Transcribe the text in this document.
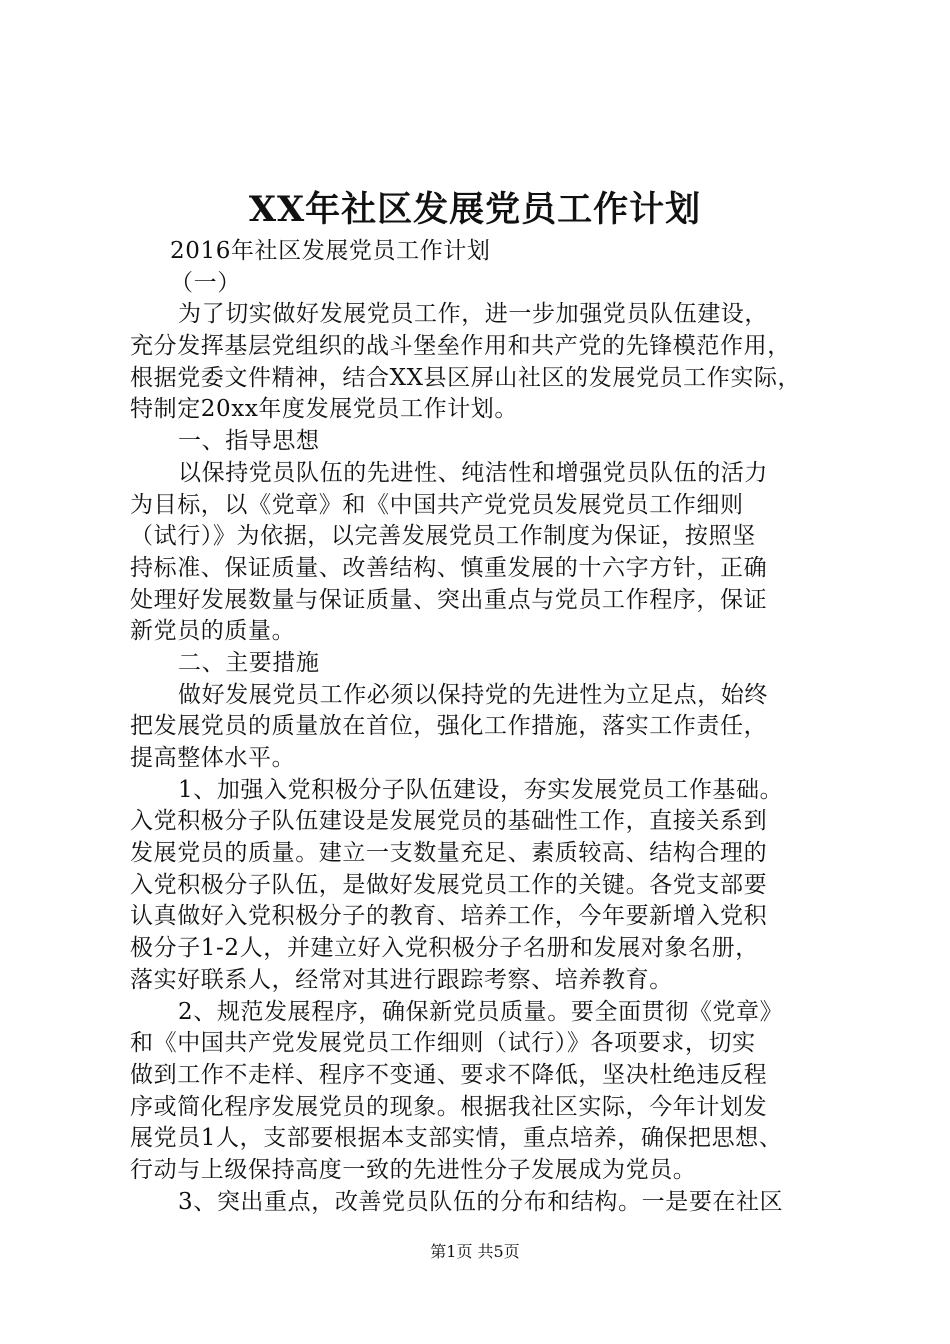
XX年社区发展党员工作计划
2016年社区发展党员工作计划
（一）
为了切实做好发展党员工作，进一步加强党员队伍建设，
充分发挥基层党组织的战斗堡垒作用和共产党的先锋模范作用，
根据党委文件精神，结合XX县区屏山社区的发展党员工作实际，
特制定20xx年度发展党员工作计划。
一、指导思想
以保持党员队伍的先进性、纯洁性和增强党员队伍的活力
为目标，以《党章》和《中国共产党党员发展党员工作细则
（试行）》为依据，以完善发展党员工作制度为保证，按照坚
持标准、保证质量、改善结构、慎重发展的十六字方针，正确
处理好发展数量与保证质量、突出重点与党员工作程序，保证
新党员的质量。
二、主要措施
做好发展党员工作必须以保持党的先进性为立足点，始终
把发展党员的质量放在首位，强化工作措施，落实工作责任，
提高整体水平。
1、加强入党积极分子队伍建设，夯实发展党员工作基础。
入党积极分子队伍建设是发展党员的基础性工作，直接关系到
发展党员的质量。建立一支数量充足、素质较高、结构合理的
入党积极分子队伍，是做好发展党员工作的关键。各党支部要
认真做好入党积极分子的教育、培养工作，今年要新增入党积
极分子1-2人，并建立好入党积极分子名册和发展对象名册，
落实好联系人，经常对其进行跟踪考察、培养教育。
2、规范发展程序，确保新党员质量。要全面贯彻《党章》
和《中国共产党发展党员工作细则（试行）》各项要求，切实
做到工作不走样、程序不变通、要求不降低，坚决杜绝违反程
序或简化程序发展党员的现象。根据我社区实际，今年计划发
展党员1人，支部要根据本支部实情，重点培养，确保把思想、
行动与上级保持高度一致的先进性分子发展成为党员。
3、突出重点，改善党员队伍的分布和结构。一是要在社区
第1页 共5页
